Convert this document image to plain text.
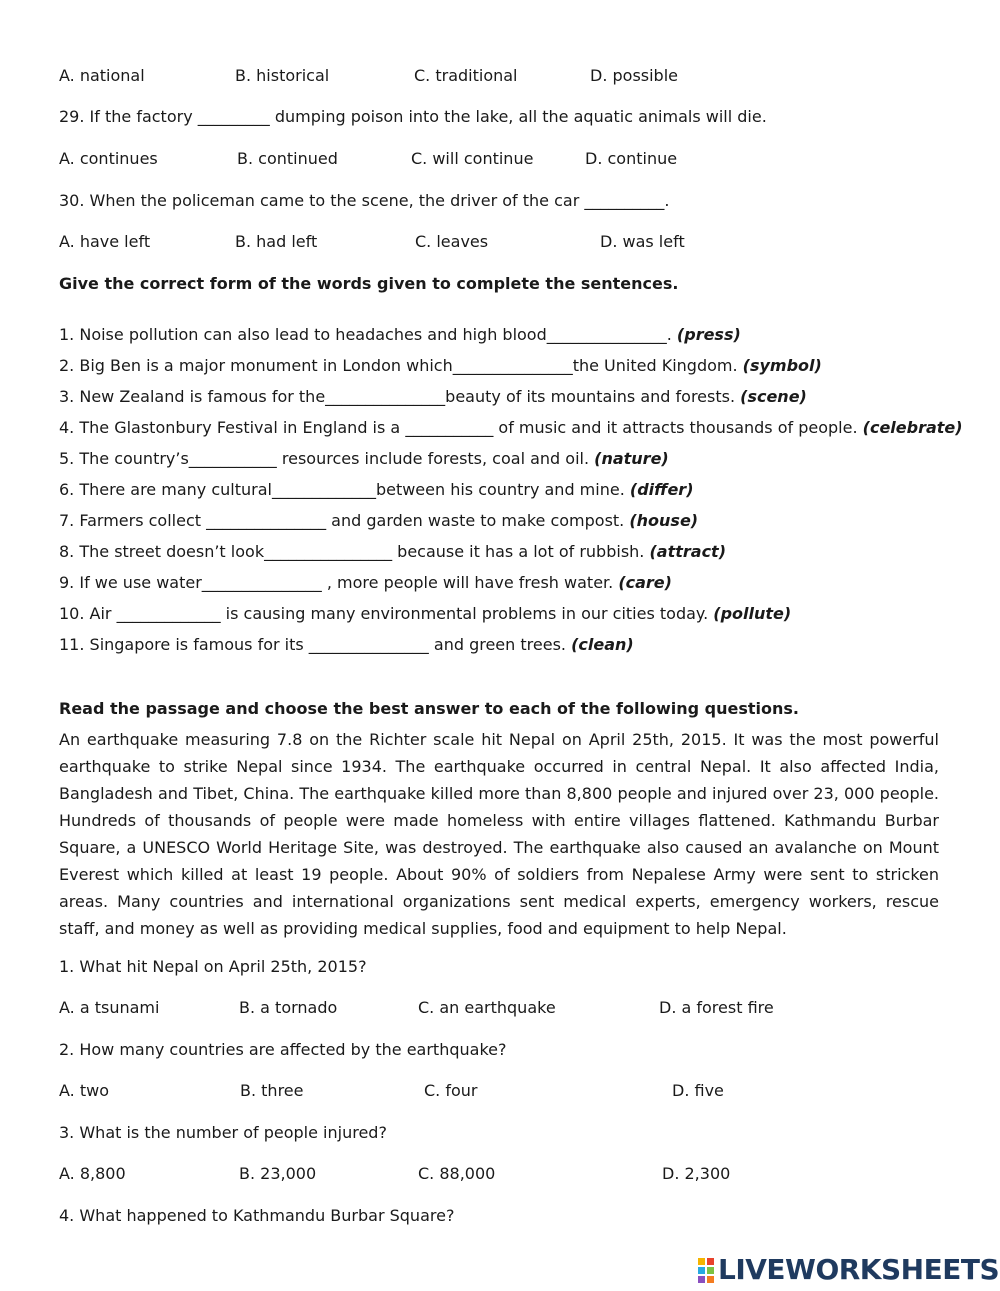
A. national	B. historical	C. traditional	D. possible
29. If the factory _________ dumping poison into the lake, all the aquatic animals will die.
A. continues	B. continued	C. will continue	D. continue
30. When the policeman came to the scene, the driver of the car __________.
A. have left	B. had left	C. leaves	D. was left
Give the correct form of the words given to complete the sentences.
1. Noise pollution can also lead to headaches and high blood_______________. (press)
2. Big Ben is a major monument in London which_______________the United Kingdom. (symbol)
3. New Zealand is famous for the_______________beauty of its mountains and forests. (scene)
4. The Glastonbury Festival in England is a ___________ of music and it attracts thousands of people. (celebrate)
5. The country’s___________ resources include forests, coal and oil. (nature)
6. There are many cultural_____________between his country and mine. (differ)
7. Farmers collect _______________ and garden waste to make compost. (house)
8. The street doesn’t look________________ because it has a lot of rubbish. (attract)
9. If we use water_______________ , more people will have fresh water. (care)
10. Air _____________ is causing many environmental problems in our cities today. (pollute)
11. Singapore is famous for its _______________ and green trees. (clean)
Read the passage and choose the best answer to each of the following questions.
An earthquake measuring 7.8 on the Richter scale hit Nepal on April 25th, 2015. It was the most powerful earthquake to strike Nepal since 1934. The earthquake occurred in central Nepal. It also affected India, Bangladesh and Tibet, China. The earthquake killed more than 8,800 people and injured over 23, 000 people. Hundreds of thousands of people were made homeless with entire villages flattened. Kathmandu Burbar Square, a UNESCO World Heritage Site, was destroyed. The earthquake also caused an avalanche on Mount Everest which killed at least 19 people. About 90% of soldiers from Nepalese Army were sent to stricken areas. Many countries and international organizations sent medical experts, emergency workers, rescue staff, and money as well as providing medical supplies, food and equipment to help Nepal.
1. What hit Nepal on April 25th, 2015?
A. a tsunami	B. a tornado	C. an earthquake	D. a forest fire
2. How many countries are affected by the earthquake?
A. two	B. three	C. four	D. five
3. What is the number of people injured?
A. 8,800	B. 23,000	C. 88,000	D. 2,300
4. What happened to Kathmandu Burbar Square?
LIVEWORKSHEETS
